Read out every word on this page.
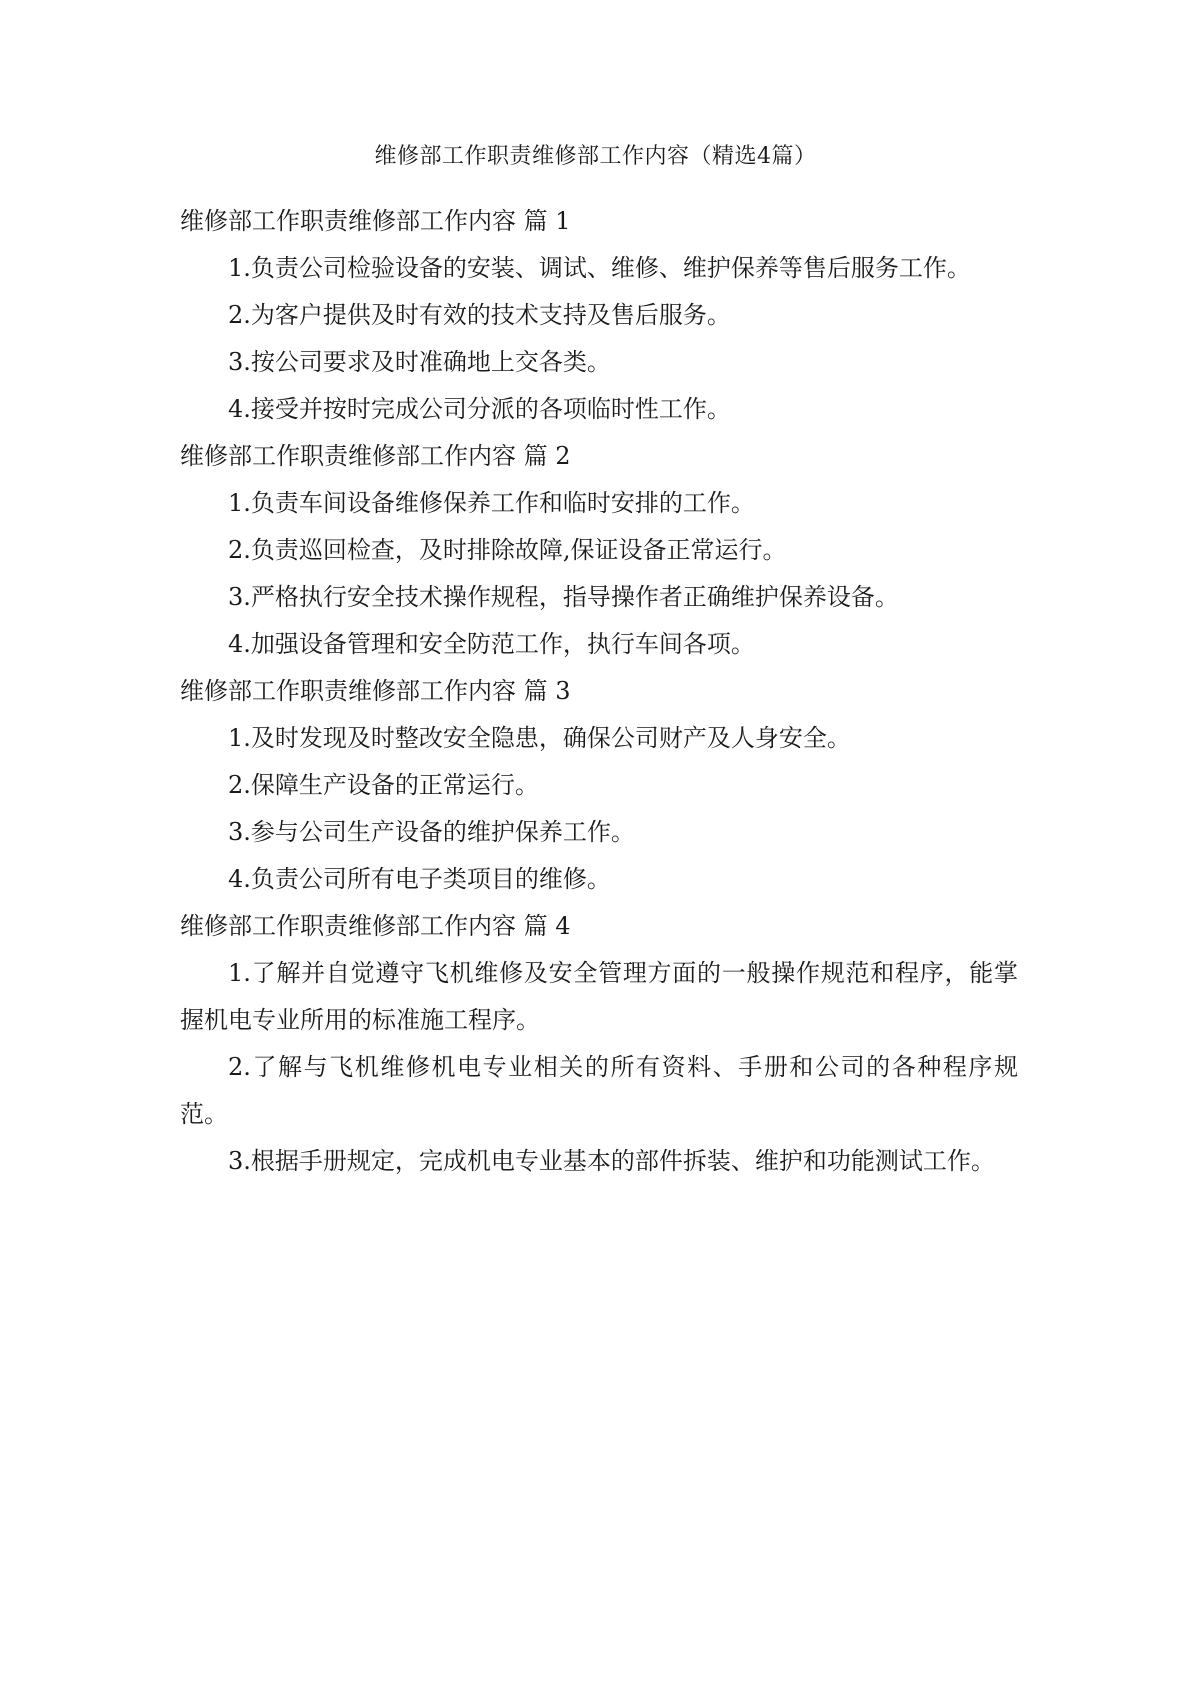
维修部工作职责维修部工作内容（精选4篇）

维修部工作职责维修部工作内容 篇 1

1.负责公司检验设备的安装、调试、维修、维护保养等售后服务工作。

2.为客户提供及时有效的技术支持及售后服务。

3.按公司要求及时准确地上交各类。

4.接受并按时完成公司分派的各项临时性工作。

维修部工作职责维修部工作内容 篇 2

1.负责车间设备维修保养工作和临时安排的工作。

2.负责巡回检查，及时排除故障,保证设备正常运行。

3.严格执行安全技术操作规程，指导操作者正确维护保养设备。

4.加强设备管理和安全防范工作，执行车间各项。

维修部工作职责维修部工作内容 篇 3

1.及时发现及时整改安全隐患，确保公司财产及人身安全。

2.保障生产设备的正常运行。

3.参与公司生产设备的维护保养工作。

4.负责公司所有电子类项目的维修。

维修部工作职责维修部工作内容 篇 4

1.了解并自觉遵守飞机维修及安全管理方面的一般操作规范和程序，能掌握机电专业所用的标准施工程序。

2.了解与飞机维修机电专业相关的所有资料、手册和公司的各种程序规范。

3.根据手册规定，完成机电专业基本的部件拆装、维护和功能测试工作。
